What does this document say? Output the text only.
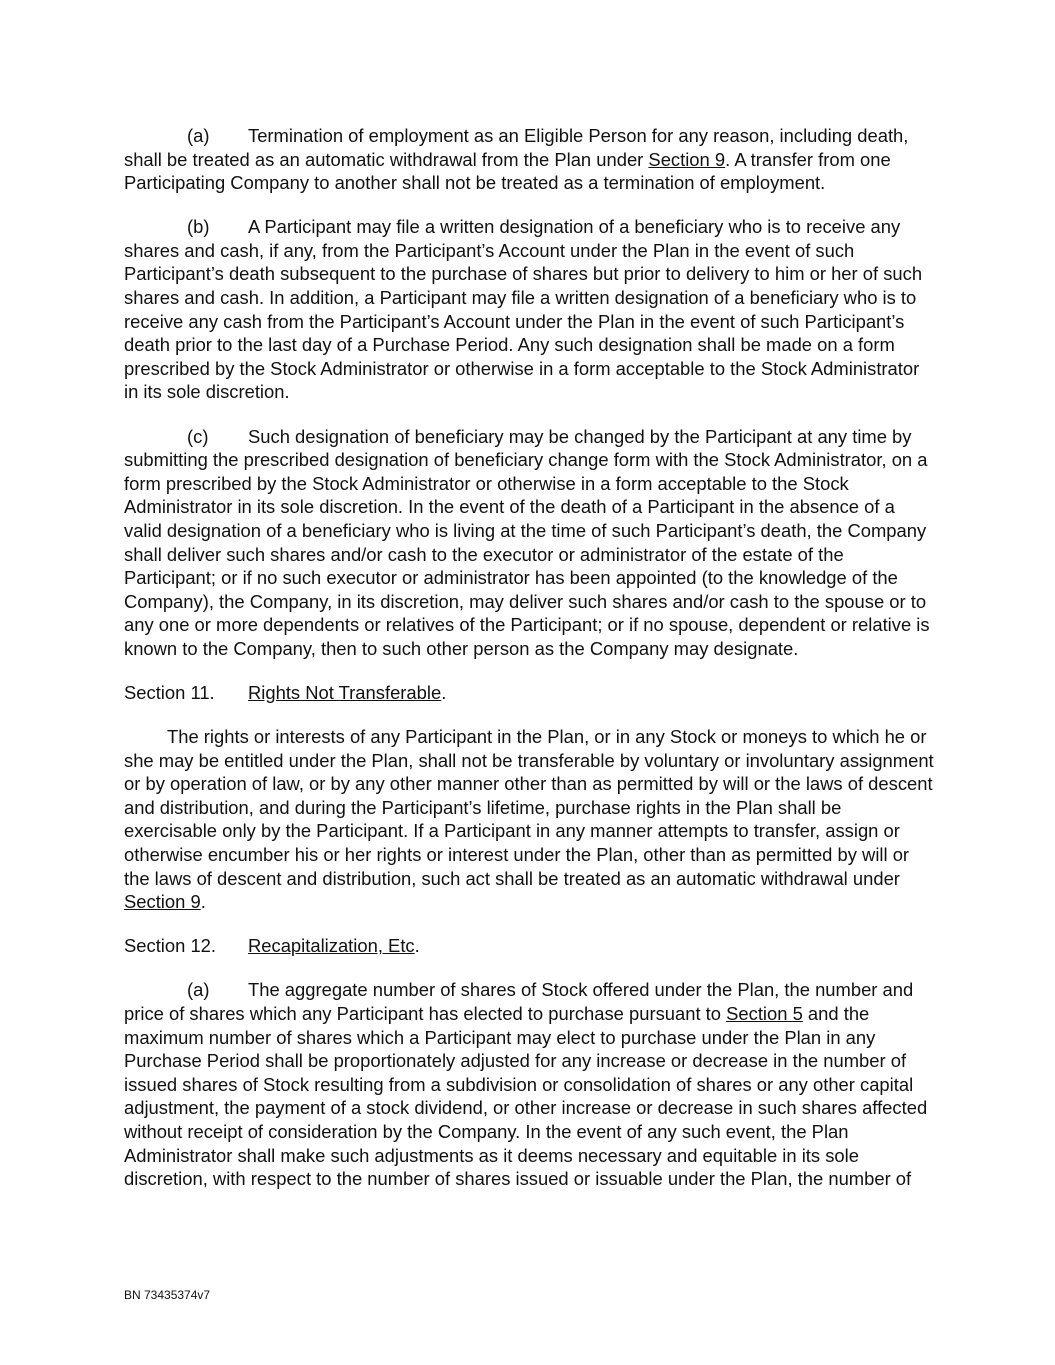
(a) Termination of employment as an Eligible Person for any reason, including death, shall be treated as an automatic withdrawal from the Plan under Section 9. A transfer from one Participating Company to another shall not be treated as a termination of employment.

(b) A Participant may file a written designation of a beneficiary who is to receive any shares and cash, if any, from the Participant’s Account under the Plan in the event of such Participant’s death subsequent to the purchase of shares but prior to delivery to him or her of such shares and cash. In addition, a Participant may file a written designation of a beneficiary who is to receive any cash from the Participant’s Account under the Plan in the event of such Participant’s death prior to the last day of a Purchase Period. Any such designation shall be made on a form prescribed by the Stock Administrator or otherwise in a form acceptable to the Stock Administrator in its sole discretion.

(c) Such designation of beneficiary may be changed by the Participant at any time by submitting the prescribed designation of beneficiary change form with the Stock Administrator, on a form prescribed by the Stock Administrator or otherwise in a form acceptable to the Stock Administrator in its sole discretion. In the event of the death of a Participant in the absence of a valid designation of a beneficiary who is living at the time of such Participant’s death, the Company shall deliver such shares and/or cash to the executor or administrator of the estate of the Participant; or if no such executor or administrator has been appointed (to the knowledge of the Company), the Company, in its discretion, may deliver such shares and/or cash to the spouse or to any one or more dependents or relatives of the Participant; or if no spouse, dependent or relative is known to the Company, then to such other person as the Company may designate.

Section 11. Rights Not Transferable.

The rights or interests of any Participant in the Plan, or in any Stock or moneys to which he or she may be entitled under the Plan, shall not be transferable by voluntary or involuntary assignment or by operation of law, or by any other manner other than as permitted by will or the laws of descent and distribution, and during the Participant’s lifetime, purchase rights in the Plan shall be exercisable only by the Participant. If a Participant in any manner attempts to transfer, assign or otherwise encumber his or her rights or interest under the Plan, other than as permitted by will or the laws of descent and distribution, such act shall be treated as an automatic withdrawal under Section 9.

Section 12. Recapitalization, Etc.

(a) The aggregate number of shares of Stock offered under the Plan, the number and price of shares which any Participant has elected to purchase pursuant to Section 5 and the maximum number of shares which a Participant may elect to purchase under the Plan in any Purchase Period shall be proportionately adjusted for any increase or decrease in the number of issued shares of Stock resulting from a subdivision or consolidation of shares or any other capital adjustment, the payment of a stock dividend, or other increase or decrease in such shares affected without receipt of consideration by the Company. In the event of any such event, the Plan Administrator shall make such adjustments as it deems necessary and equitable in its sole discretion, with respect to the number of shares issued or issuable under the Plan, the number of

BN 73435374v7
